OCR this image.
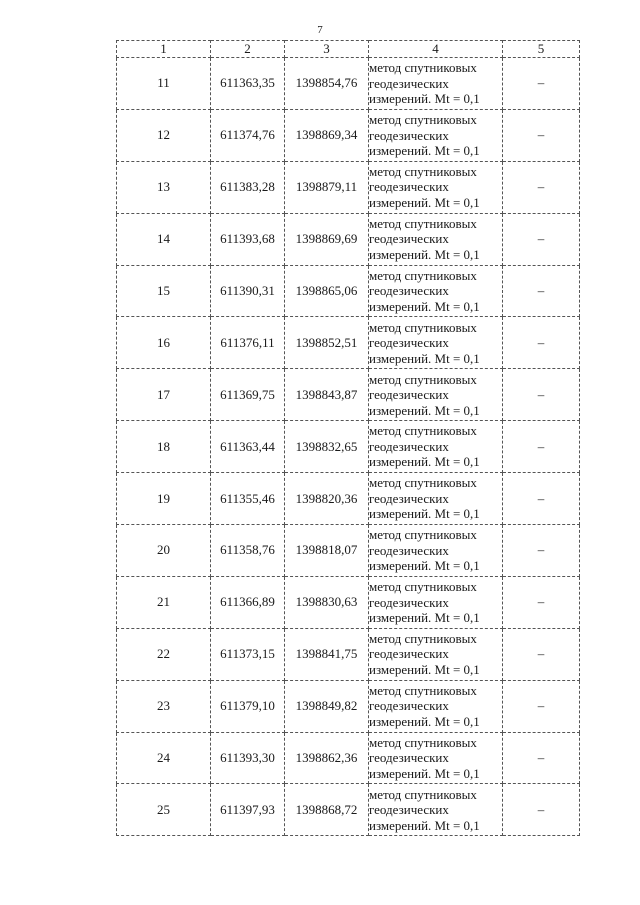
7
1	2	3	4	5
11	611363,35	1398854,76	метод спутниковых
геодезических
измерений. Mt = 0,1	–
12	611374,76	1398869,34	метод спутниковых
геодезических
измерений. Mt = 0,1	–
13	611383,28	1398879,11	метод спутниковых
геодезических
измерений. Mt = 0,1	–
14	611393,68	1398869,69	метод спутниковых
геодезических
измерений. Mt = 0,1	–
15	611390,31	1398865,06	метод спутниковых
геодезических
измерений. Mt = 0,1	–
16	611376,11	1398852,51	метод спутниковых
геодезических
измерений. Mt = 0,1	–
17	611369,75	1398843,87	метод спутниковых
геодезических
измерений. Mt = 0,1	–
18	611363,44	1398832,65	метод спутниковых
геодезических
измерений. Mt = 0,1	–
19	611355,46	1398820,36	метод спутниковых
геодезических
измерений. Mt = 0,1	–
20	611358,76	1398818,07	метод спутниковых
геодезических
измерений. Mt = 0,1	–
21	611366,89	1398830,63	метод спутниковых
геодезических
измерений. Mt = 0,1	–
22	611373,15	1398841,75	метод спутниковых
геодезических
измерений. Mt = 0,1	–
23	611379,10	1398849,82	метод спутниковых
геодезических
измерений. Mt = 0,1	–
24	611393,30	1398862,36	метод спутниковых
геодезических
измерений. Mt = 0,1	–
25	611397,93	1398868,72	метод спутниковых
геодезических
измерений. Mt = 0,1	–
